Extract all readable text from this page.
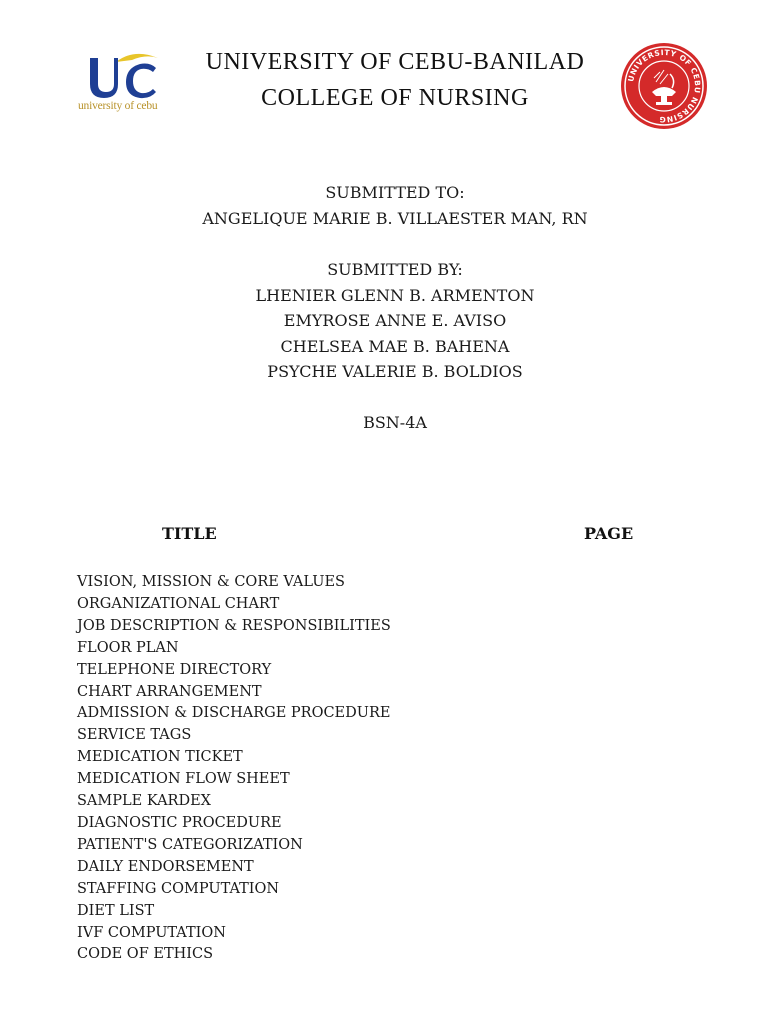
university of cebu
UNIVERSITY OF CEBU-BANILAD
COLLEGE OF NURSING
UNIVERSITY OF CEBU NURSING
SUBMITTED TO:
ANGELIQUE MARIE B. VILLAESTER MAN, RN
SUBMITTED BY:
LHENIER GLENN B. ARMENTON
EMYROSE ANNE E. AVISO
CHELSEA MAE B. BAHENA
PSYCHE VALERIE B. BOLDIOS
BSN-4A
TITLE	PAGE
VISION, MISSION & CORE VALUES
ORGANIZATIONAL CHART
JOB DESCRIPTION & RESPONSIBILITIES
FLOOR PLAN
TELEPHONE DIRECTORY
CHART ARRANGEMENT
ADMISSION & DISCHARGE PROCEDURE
SERVICE TAGS
MEDICATION TICKET
MEDICATION FLOW SHEET
SAMPLE KARDEX
DIAGNOSTIC PROCEDURE
PATIENT'S CATEGORIZATION
DAILY ENDORSEMENT
STAFFING COMPUTATION
DIET LIST
IVF COMPUTATION
CODE OF ETHICS
